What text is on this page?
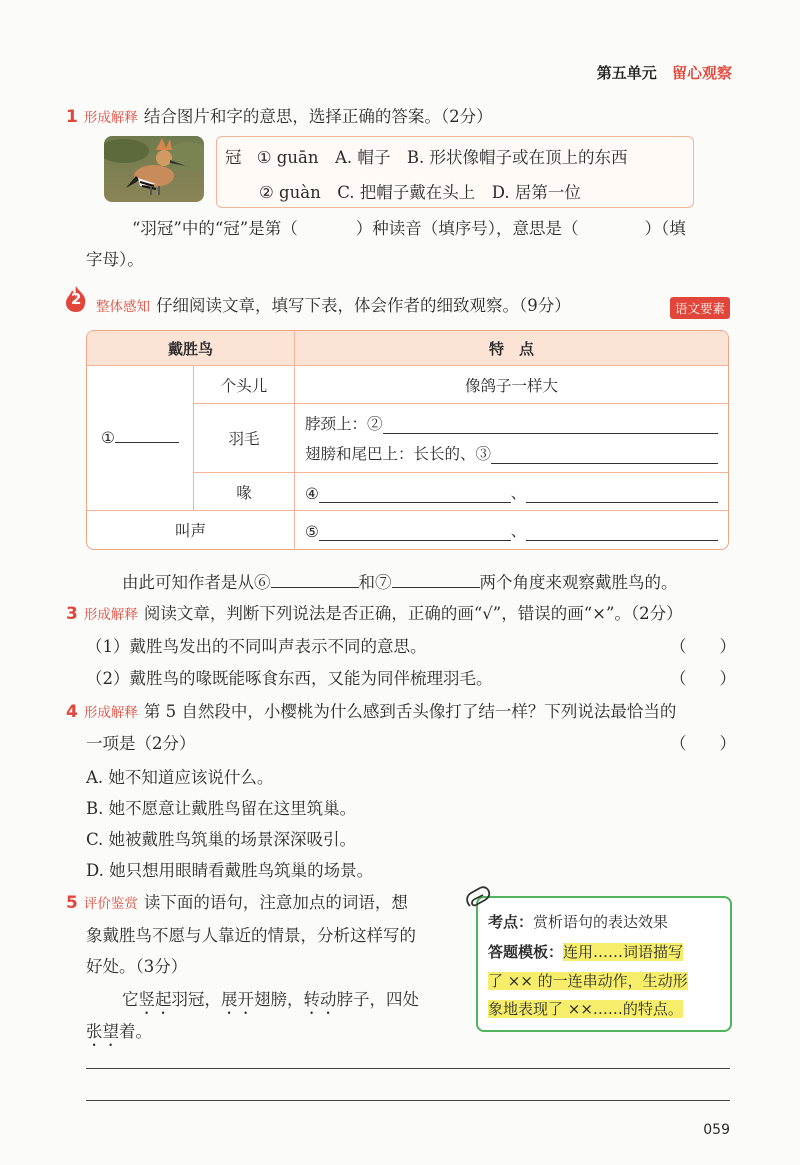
第五单元 留心观察
1 形成解释 结合图片和字的意思，选择正确的答案。（2分）
冠 ① guān　A. 帽子　B. 形状像帽子或在顶上的东西
② guàn　C. 把帽子戴在头上　D. 居第一位
“羽冠”中的“冠”是第（	）种读音（填序号），意思是（	）（填
字母）。
2 整体感知 仔细阅读文章，填写下表，体会作者的细致观察。（9分）	语文要素
戴胜鸟		特　点
①	个头儿	像鸽子一样大
	羽毛	脖颈上：②
翅膀和尾巴上：长长的、③

	喙	④ 、

叫声		⑤ 、
由此可知作者是从⑥	和⑦	两个角度来观察戴胜鸟的。
3 形成解释 阅读文章，判断下列说法是否正确，正确的画“√”，错误的画“×”。（2分）
（1）戴胜鸟发出的不同叫声表示不同的意思。	（　　）
（2）戴胜鸟的喙既能啄食东西，又能为同伴梳理羽毛。	（　　）
4 形成解释 第 5 自然段中，小樱桃为什么感到舌头像打了结一样？下列说法最恰当的
一项是（2分）	（　　）
A. 她不知道应该说什么。
B. 她不愿意让戴胜鸟留在这里筑巢。
C. 她被戴胜鸟筑巢的场景深深吸引。
D. 她只想用眼睛看戴胜鸟筑巢的场景。
5 评价鉴赏 读下面的语句，注意加点的词语，想
象戴胜鸟不愿与人靠近的情景，分析这样写的
好处。（3分）
它竖起羽冠，展开翅膀，转动脖子，四处
张望着。
考点：赏析语句的表达效果
答题模板：连用……词语描写
了 ×× 的一连串动作，生动形
象地表现了 ××……的特点。
059
